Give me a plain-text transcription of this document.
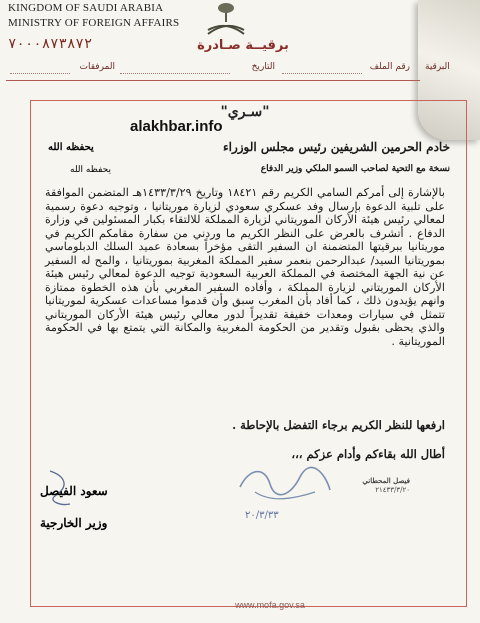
KINGDOM OF SAUDI ARABIA
MINISTRY OF FOREIGN AFFAIRS
٧٠٠٠٨٧٣٨٧٢	برقيــة صـادرة
رقم الملف
التاريخ
المرفقات	البرقية
"سـري"
alakhbar.info
خادم الحرمين الشريفين رئيس مجلس الوزراء
يحفظه الله
نسخة مع التحية لصاحب السمو الملكي وزير الدفاع
يحفظه الله
بالإشارة إلى أمركم السامي الكريم رقم ١٨٤٢١ وتاريخ ١٤٣٣/٣/٢٩هـ المتضمن الموافقة على تلبية الدعوة بإرسال وفد عسكري سعودي لزيارة موريتانيا ، وتوجيه دعوة رسمية لمعالي رئيس هيئة الأركان الموريتاني لزيارة المملكة للالتقاء بكبار المسئولين في وزارة الدفاع . أتشرف بالعرض على النظر الكريم ما وردني من سفارة مقامكم الكريم في موريتانيا ببرقيتها المتضمنة ان السفير التقى مؤخراً بسعادة عميد السلك الدبلوماسي بموريتانيا السيد/ عبدالرحمن بنعمر سفير المملكة المغربية بموريتانيا ، والمح له السفير عن نية الجهة المختصة في المملكة العربية السعودية توجيه الدعوة لمعالي رئيس هيئة الأركان الموريتاني لزيارة المملكة ، وأفاده السفير المغربي بأن هذه الخطوة ممتازة وانهم يؤيدون ذلك ، كما أفاد بأن المغرب سبق وأن قدموا مساعدات عسكرية لموريتانيا تتمثل في سيارات ومعدات خفيفة تقديراً لدور معالي رئيس هيئة الأركان الموريتاني والذي يحظى بقبول وتقدير من الحكومة المغربية والمكانة التي يتمتع بها في الحكومة الموريتانية .
ارفعها للنظر الكريم برجاء التفضل بالإحاطة .
أطال الله بقاءكم وأدام عزكم ،،،
فيصل المحطاني
٢١٤٣٣/٣/٢٠
٢٠/٣/٣٣
سعود الفيصل
وزير الخارجية
www.mofa.gov.sa
